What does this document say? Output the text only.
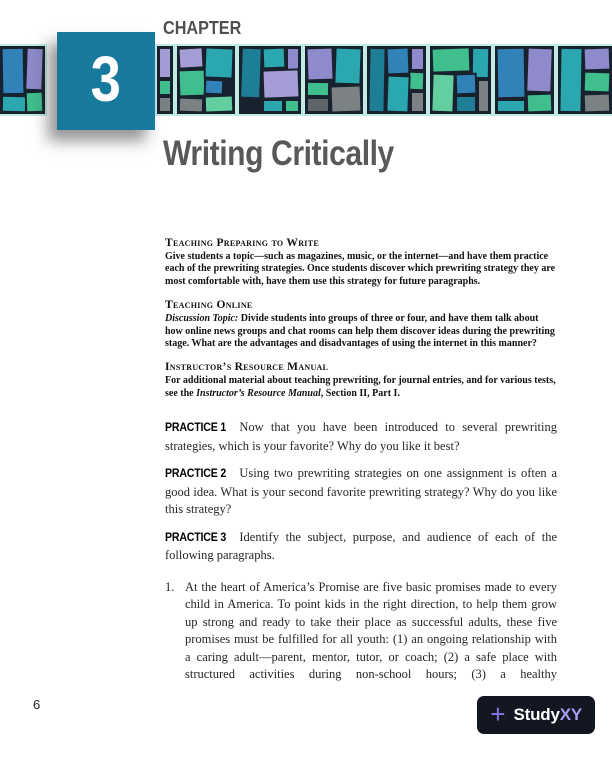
CHAPTER
3
Writing Critically
Teaching Preparing to Write

Give students a topic—such as magazines, music, or the internet—and have them practice each of the prewriting strategies. Once students discover which prewriting strategy they are most comfortable with, have them use this strategy for future paragraphs.

Teaching Online

Discussion Topic: Divide students into groups of three or four, and have them talk about how online news groups and chat rooms can help them discover ideas during the prewriting stage. What are the advantages and disadvantages of using the internet in this manner?

Instructor’s Resource Manual

For additional material about teaching prewriting, for journal entries, and for various tests, see the Instructor’s Resource Manual, Section II, Part I.

PRACTICE 1 Now that you have been introduced to several prewriting strategies, which is your favorite? Why do you like it best?

PRACTICE 2 Using two prewriting strategies on one assignment is often a good idea. What is your second favorite prewriting strategy? Why do you like this strategy?

PRACTICE 3 Identify the subject, purpose, and audience of each of the following paragraphs.

1. At the heart of America’s Promise are five basic promises made to every child in America. To point kids in the right direction, to help them grow up strong and ready to take their place as successful adults, these five promises must be fulfilled for all youth: (1) an ongoing relationship with a caring adult—parent, mentor, tutor, or coach; (2) a safe place with structured activities during non-school hours; (3) a healthy

6	+ StudyXY
